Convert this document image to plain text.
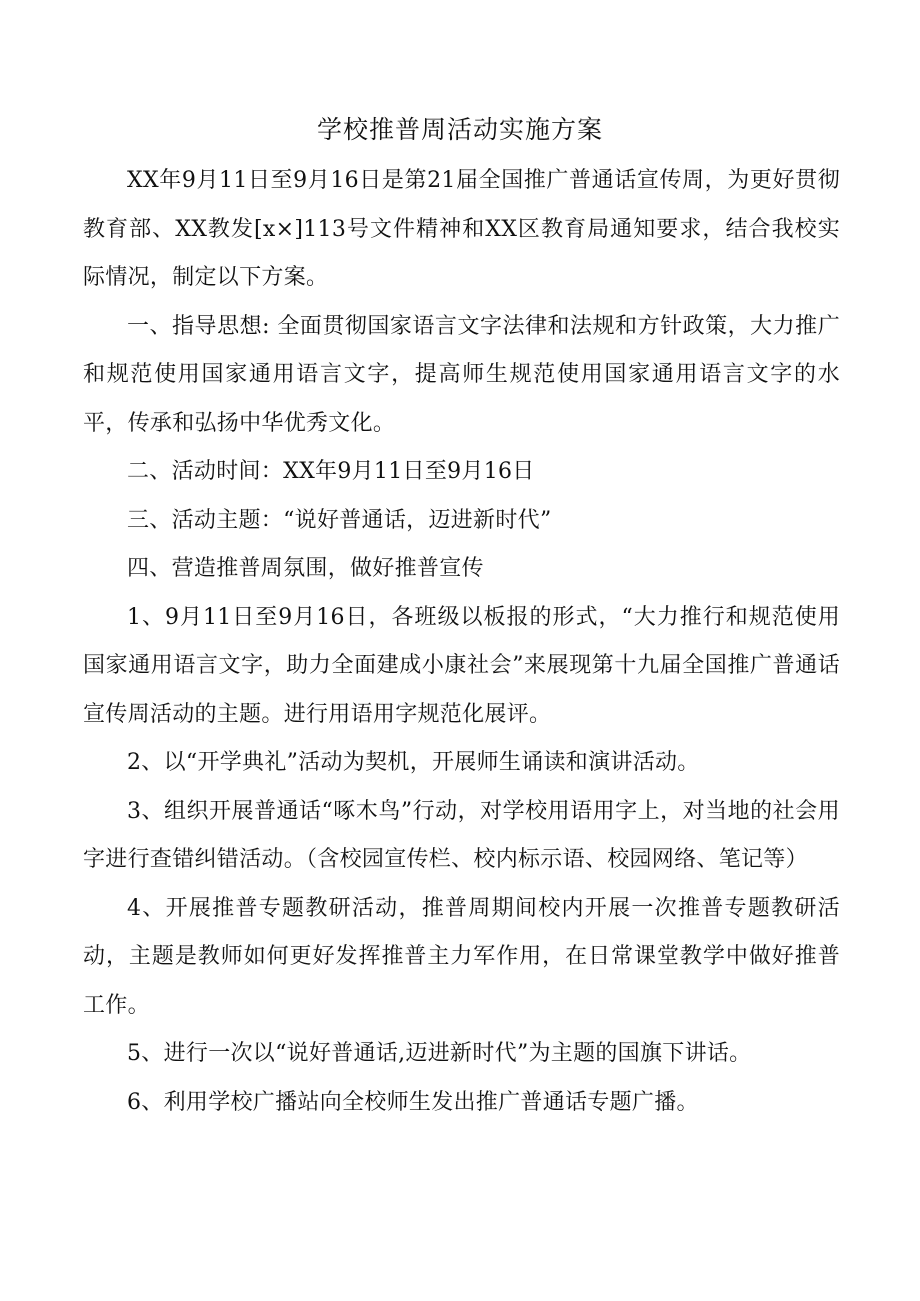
学校推普周活动实施方案

XX年9月11日至9月16日是第21届全国推广普通话宣传周，为更好贯彻教育部、XX教发[x×]113号文件精神和XX区教育局通知要求，结合我校实际情况，制定以下方案。

一、指导思想: 全面贯彻国家语言文字法律和法规和方针政策，大力推广和规范使用国家通用语言文字，提高师生规范使用国家通用语言文字的水平，传承和弘扬中华优秀文化。

二、活动时间：XX年9月11日至9月16日

三、活动主题：“说好普通话，迈进新时代”

四、营造推普周氛围，做好推普宣传

1、9月11日至9月16日，各班级以板报的形式，“大力推行和规范使用国家通用语言文字，助力全面建成小康社会”来展现第十九届全国推广普通话宣传周活动的主题。进行用语用字规范化展评。

2、以“开学典礼”活动为契机，开展师生诵读和演讲活动。

3、组织开展普通话“啄木鸟”行动，对学校用语用字上，对当地的社会用字进行查错纠错活动。（含校园宣传栏、校内标示语、校园网络、笔记等）

4、开展推普专题教研活动，推普周期间校内开展一次推普专题教研活动，主题是教师如何更好发挥推普主力军作用，在日常课堂教学中做好推普工作。

5、进行一次以“说好普通话,迈进新时代”为主题的国旗下讲话。

6、利用学校广播站向全校师生发出推广普通话专题广播。
